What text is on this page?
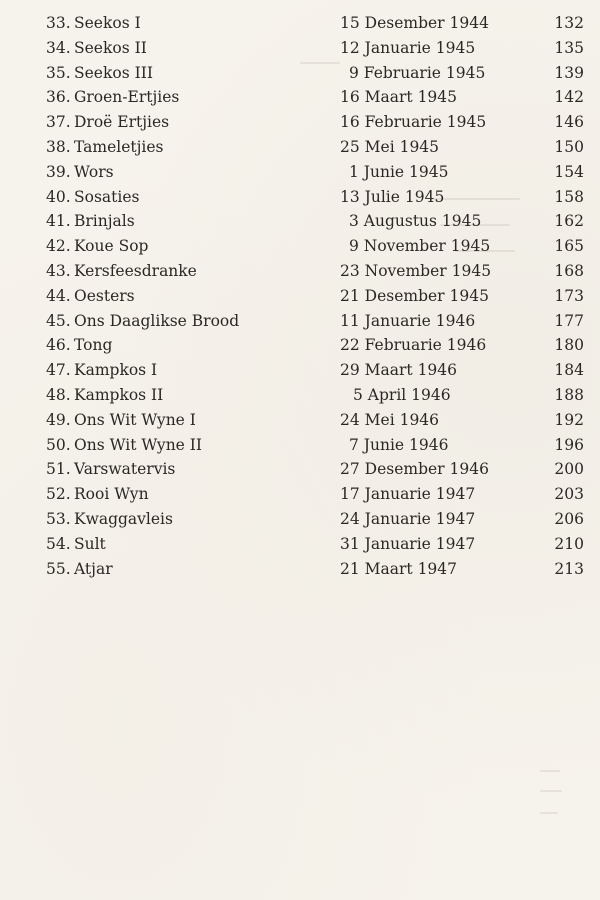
33. Seekos I	15 Desember 1944	132
34. Seekos II	12 Januarie 1945	135
35. Seekos III	9 Februarie 1945	139
36. Groen-Ertjies	16 Maart 1945	142
37. Droë Ertjies	16 Februarie 1945	146
38. Tameletjies	25 Mei 1945	150
39. Wors	1 Junie 1945	154
40. Sosaties	13 Julie 1945	158
41. Brinjals	3 Augustus 1945	162
42. Koue Sop	9 November 1945	165
43. Kersfeesdranke	23 November 1945	168
44. Oesters	21 Desember 1945	173
45. Ons Daaglikse Brood	11 Januarie 1946	177
46. Tong	22 Februarie 1946	180
47. Kampkos I	29 Maart 1946	184
48. Kampkos II	5 April 1946	188
49. Ons Wit Wyne I	24 Mei 1946	192
50. Ons Wit Wyne II	7 Junie 1946	196
51. Varswatervis	27 Desember 1946	200
52. Rooi Wyn	17 Januarie 1947	203
53. Kwaggavleis	24 Januarie 1947	206
54. Sult	31 Januarie 1947	210
55. Atjar	21 Maart 1947	213
